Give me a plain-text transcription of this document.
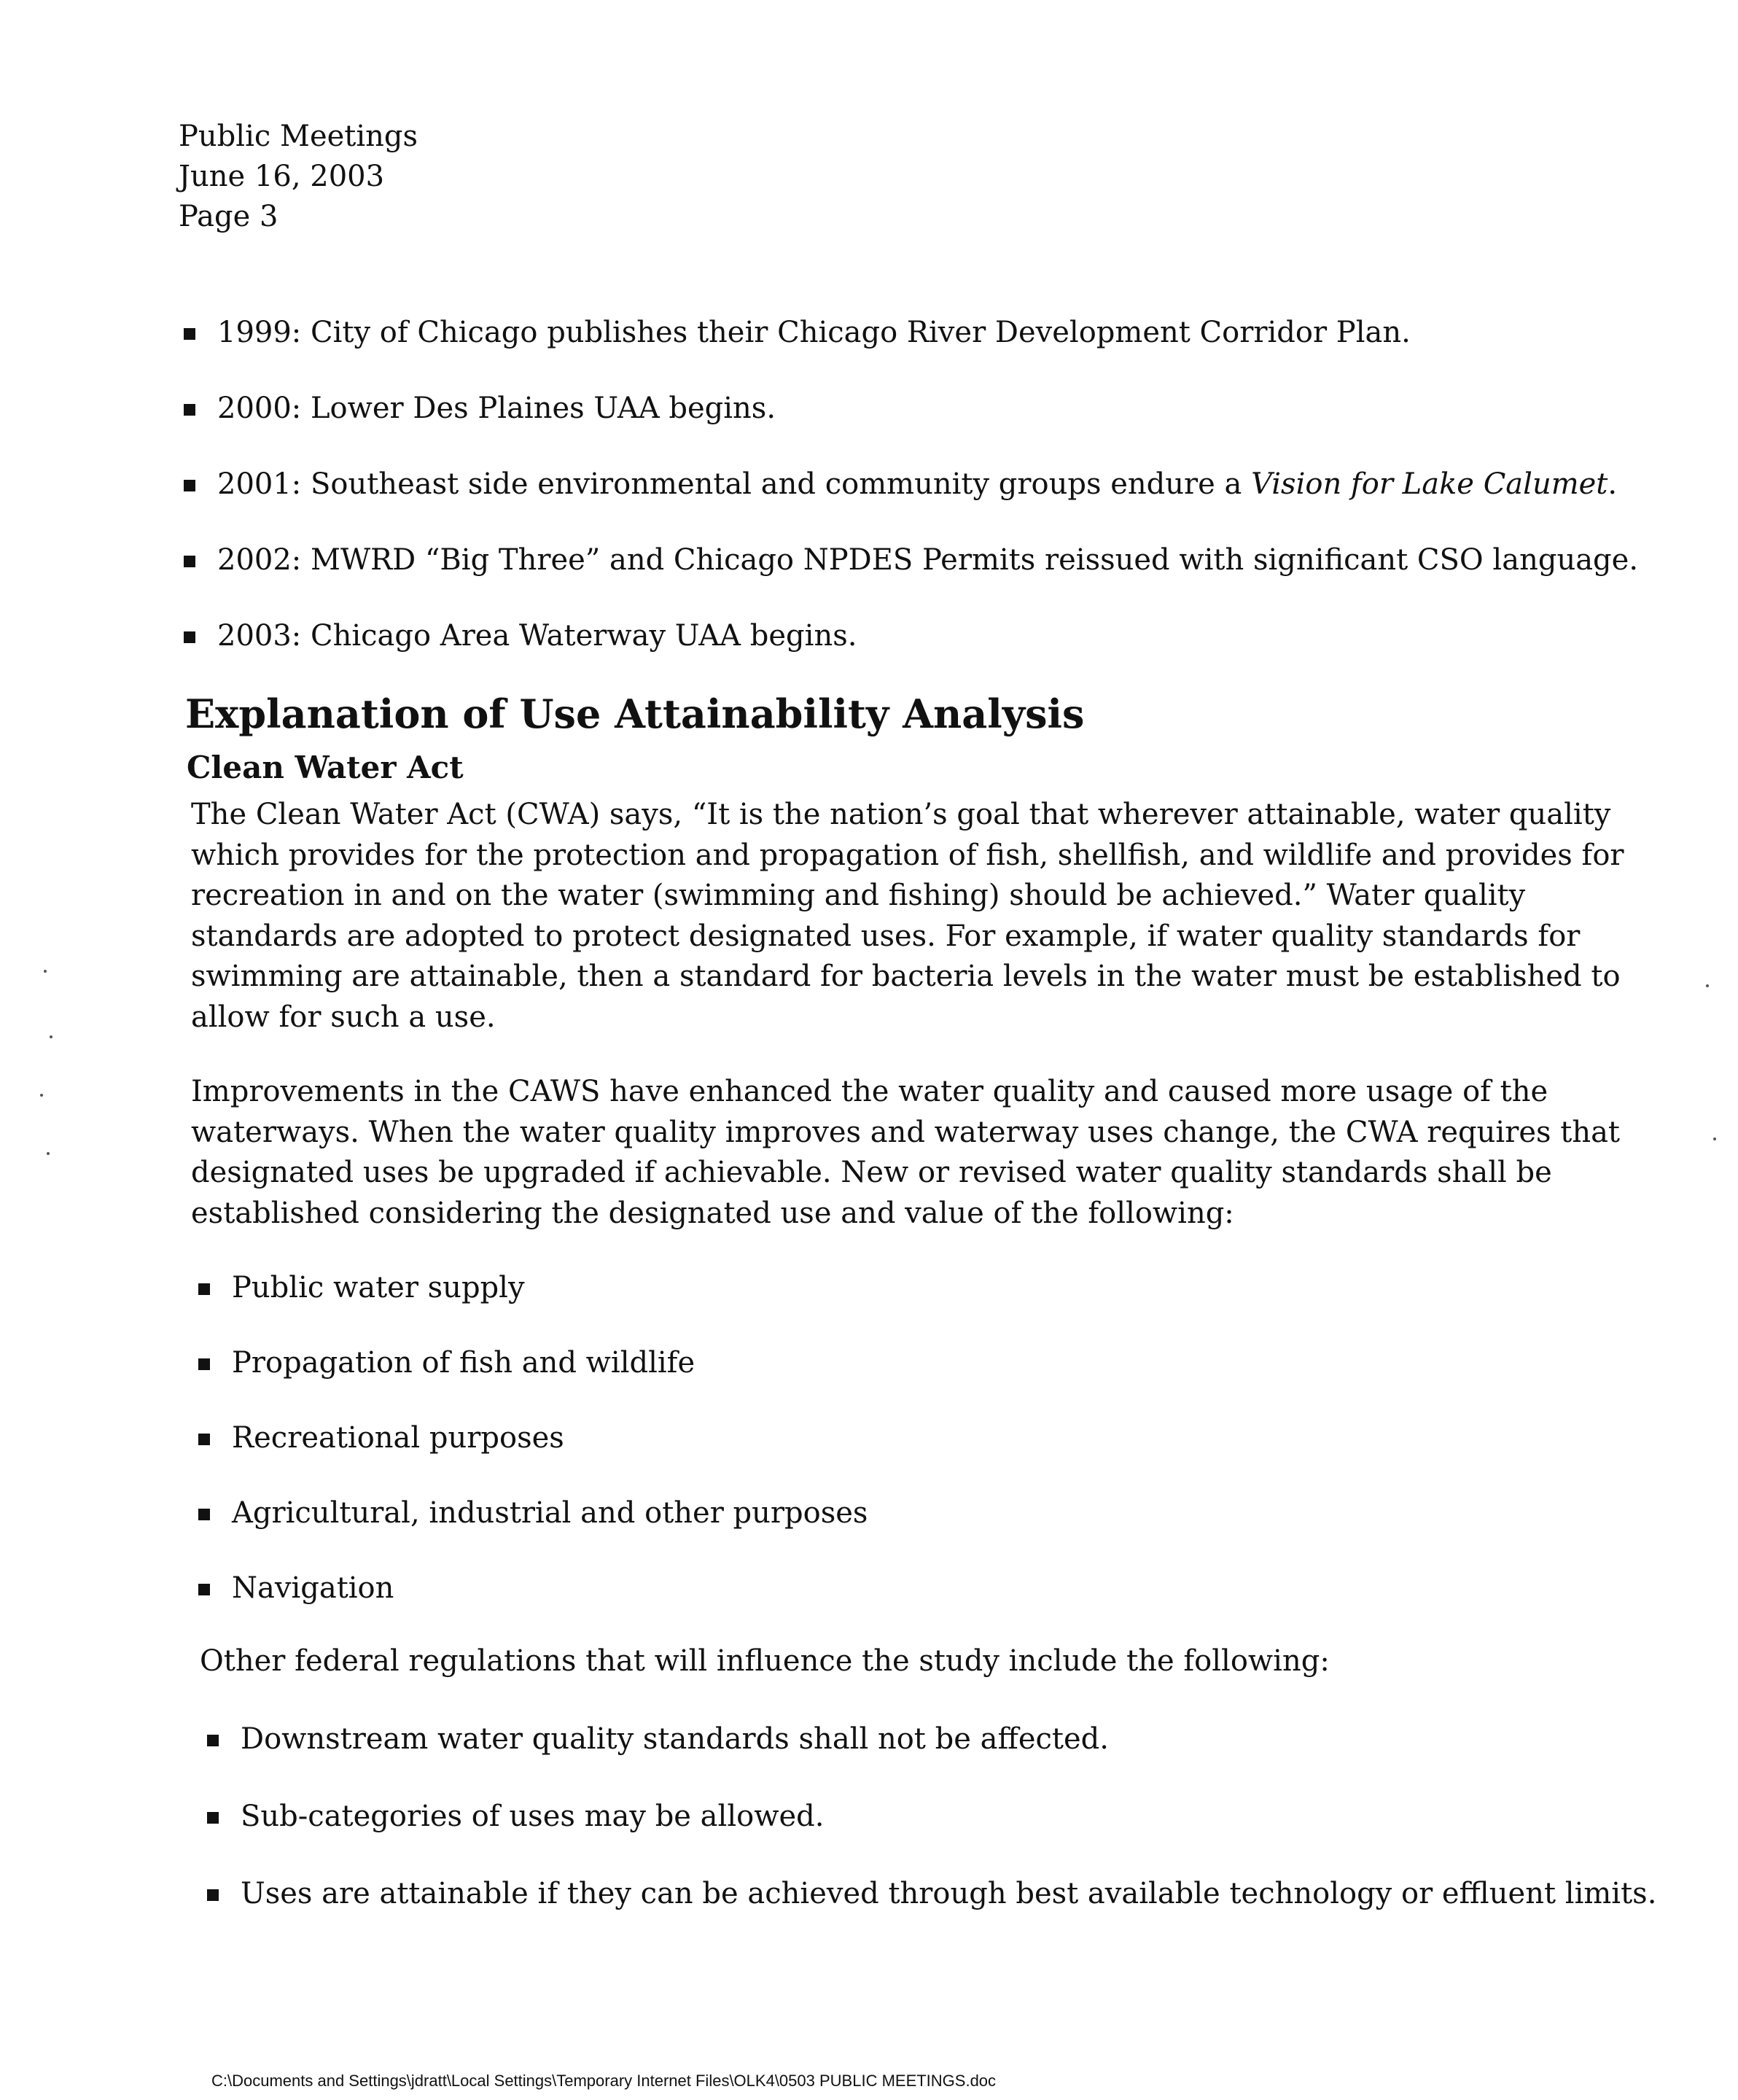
Public Meetings
June 16, 2003
Page 3
1999: City of Chicago publishes their Chicago River Development Corridor Plan.
2000: Lower Des Plaines UAA begins.
2001: Southeast side environmental and community groups endure a Vision for Lake Calumet.
2002: MWRD “Big Three” and Chicago NPDES Permits reissued with significant CSO language.
2003: Chicago Area Waterway UAA begins.
Explanation of Use Attainability Analysis
Clean Water Act
The Clean Water Act (CWA) says, “It is the nation’s goal that wherever attainable, water quality which provides for the protection and propagation of fish, shellfish, and wildlife and provides for recreation in and on the water (swimming and fishing) should be achieved.” Water quality standards are adopted to protect designated uses. For example, if water quality standards for swimming are attainable, then a standard for bacteria levels in the water must be established to allow for such a use.
Improvements in the CAWS have enhanced the water quality and caused more usage of the waterways. When the water quality improves and waterway uses change, the CWA requires that designated uses be upgraded if achievable. New or revised water quality standards shall be established considering the designated use and value of the following:
Public water supply
Propagation of fish and wildlife
Recreational purposes
Agricultural, industrial and other purposes
Navigation
Other federal regulations that will influence the study include the following:
Downstream water quality standards shall not be affected.
Sub-categories of uses may be allowed.
Uses are attainable if they can be achieved through best available technology or effluent limits.
C:\Documents and Settings\jdratt\Local Settings\Temporary Internet Files\OLK4\0503 PUBLIC MEETINGS.doc
